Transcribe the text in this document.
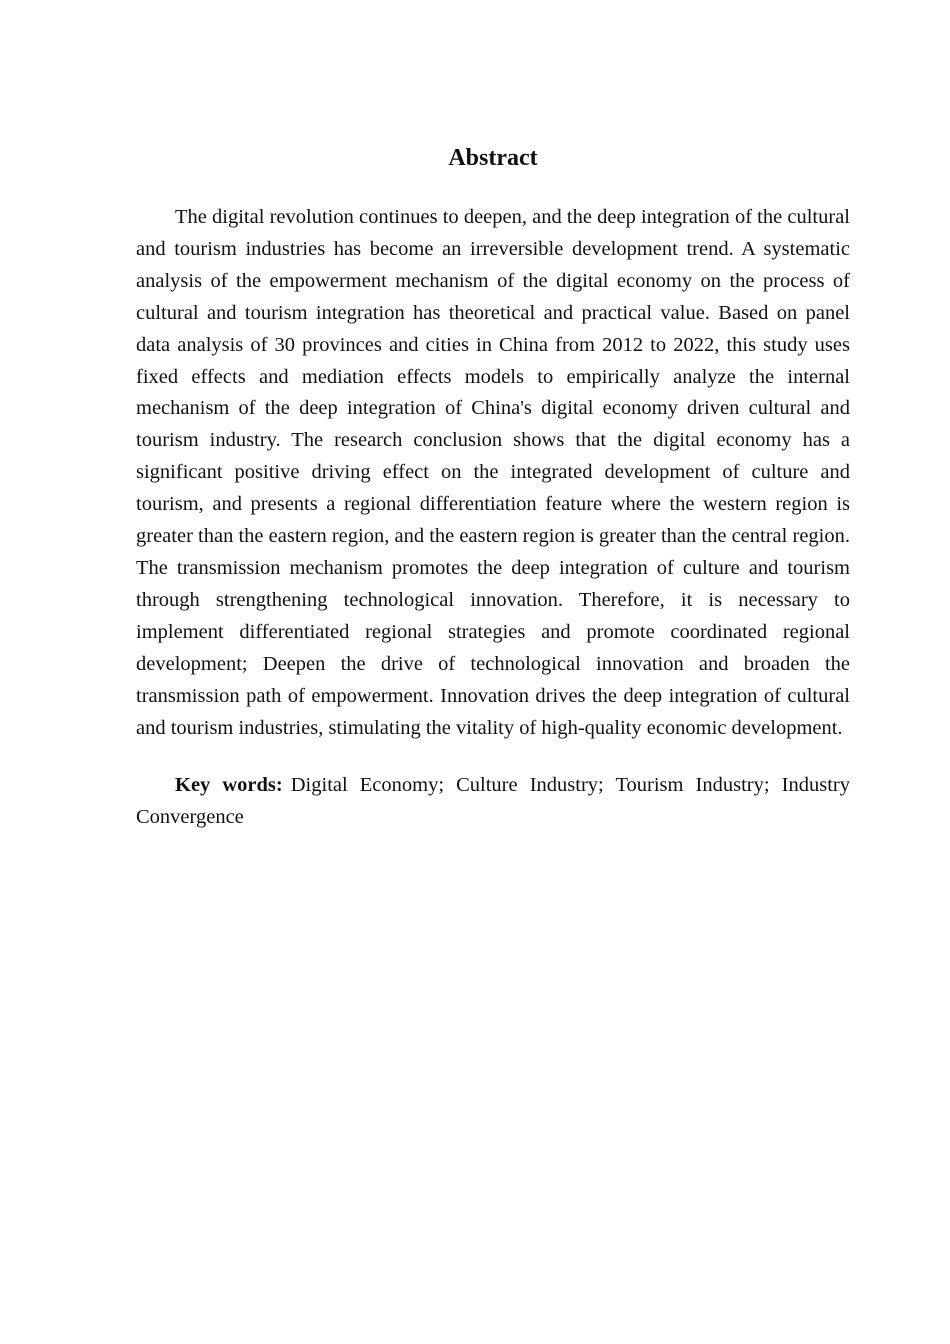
Abstract

The digital revolution continues to deepen, and the deep integration of the cultural and tourism industries has become an irreversible development trend. A systematic analysis of the empowerment mechanism of the digital economy on the process of cultural and tourism integration has theoretical and practical value. Based on panel data analysis of 30 provinces and cities in China from 2012 to 2022, this study uses fixed effects and mediation effects models to empirically analyze the internal mechanism of the deep integration of China's digital economy driven cultural and tourism industry. The research conclusion shows that the digital economy has a significant positive driving effect on the integrated development of culture and tourism, and presents a regional differentiation feature where the western region is greater than the eastern region, and the eastern region is greater than the central region. The transmission mechanism promotes the deep integration of culture and tourism through strengthening technological innovation. Therefore, it is necessary to implement differentiated regional strategies and promote coordinated regional development; Deepen the drive of technological innovation and broaden the transmission path of empowerment. Innovation drives the deep integration of cultural and tourism industries, stimulating the vitality of high-quality economic development.

Key words: Digital Economy; Culture Industry; Tourism Industry; Industry Convergence
